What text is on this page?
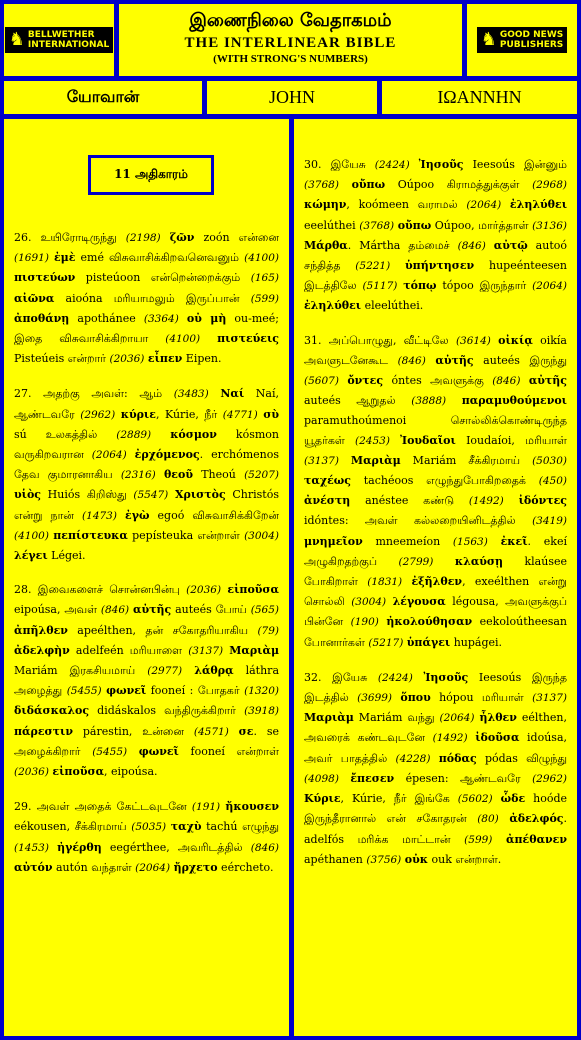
♞ BELLWETHER
INTERNATIONAL
இணைநிலை வேதாகமம்
THE INTERLINEAR BIBLE
(WITH STRONG'S NUMBERS)
♞ GOOD NEWS
PUBLISHERS
யோவான்	JOHN	IΩANNHN

26. உயிரோடிருந்து (2198) ζῶν zoón என்னை (1691) ἐμὲ emé விசுவாசிக்கிறவனெவனும் (4100) πιστεύων pisteúoon என்றென்றைக்கும் (165) αἰῶνα aioóna மரியாமலும் இருப்பான் (599) ἀποθάνῃ apotháneе (3364) οὐ μὴ ou-meé; இதை விசுவாசிக்கிறாயா (4100) πιστεύεις Pisteúeis என்றார் (2036) εἶπεν Eipen.

27. அதற்கு அவள்: ஆம் (3483) Ναί Naí, ஆண்டவரே (2962) κύριε, Kúrie, நீர் (4771) σὺ sú உலகத்தில் (2889) κόσμον kósmon வருகிறவரான (2064) ἐρχόμενος. erchómenos தேவ குமாரனாகிய (2316) θεοῦ Theoú (5207) υἱὸς Huiós கிறிஸ்து (5547) Χριστὸς Christós என்று நான் (1473) ἐγὼ egoó விசுவாசிக்கிறேன் (4100) πεπίστευκα pepísteuka என்றாள் (3004) λέγει Légei.

28. இவைகளைச் சொன்னபின்பு (2036) εἰποῦσα eipoúsa, அவள் (846) αὐτῆς auteés போய் (565) ἀπῆλθεν apeélthen, தன் சகோதரியாகிய (79) ἀδελφὴν adelfeén மரியாளை (3137) Μαριὰμ Mariám இரகசியமாய் (2977) λάθρᾳ láthra அழைத்து (5455) φωνεῖ fooneí : போதகர் (1320) διδάσκαλος didáskalos வந்திருக்கிறார் (3918) πάρεστιν párestin, உன்னை (4571) σε. se அழைக்கிறார் (5455) φωνεῖ fooneí என்றாள் (2036) εἰποῦσα, eipoúsa.

29. அவள் அதைக் கேட்டவுடனே (191) ἤκουσεν eékousen, சீக்கிரமாய் (5035) ταχὺ tachú எழுந்து (1453) ἠγέρθη eegérthee, அவரிடத்தில் (846) αὐτόν autón வந்தாள் (2064) ἤρχετο eércheto.

11 அதிகாரம்

30. இயேசு (2424) Ἰησοῦς Ieesoús இன்னும் (3768) οὔπω Oúpoo கிராமத்துக்குள் (2968) κώμην, koómeen வராமல் (2064) ἐληλύθει eeelúthei (3768) οὔπω Oúpoo, மார்த்தாள் (3136) Μάρθα. Mártha தம்மைச் (846) αὐτῷ autoó சந்தித்த (5221) ὑπήντησεν hupeénteesen இடத்திலே (5117) τόπῳ tópoo இருந்தார் (2064) ἐληλύθει eleelúthei.

31. அப்பொழுது, வீட்டிலே (3614) οἰκίᾳ oikía அவளுடனேகூட (846) αὐτῆς auteés இருந்து (5607) ὄντες óntes அவளுக்கு (846) αὐτῆς auteés ஆறுதல் (3888) παραμυθούμενοι paramuthoúmenoi சொல்லிக்கொண்டிருந்த யூதர்கள் (2453) Ἰουδαῖοι Ioudaíoi, மரியாள் (3137) Μαριὰμ Mariám சீக்கிரமாய் (5030) ταχέως tachéoos எழுந்துபோகிறதைக் (450) ἀνέστη anéstee கண்டு (1492) ἰδόντες idóntes: அவள் கல்லறையினிடத்தில் (3419) μνημεῖον mneemeíon (1563) ἐκεῖ. ekeí அழுகிறதற்குப் (2799) κλαύσῃ klaúsee போகிறாள் (1831) ἐξῆλθεν, exeélthen என்று சொல்லி (3004) λέγουσα légousa, அவளுக்குப் பின்னே (190) ἠκολούθησαν eekoloútheesan போனார்கள் (5217) ὑπάγει hupágei.

32. இயேசு (2424) Ἰησοῦς Ieesoús இருந்த இடத்தில் (3699) ὅπου hópou மரியாள் (3137) Μαριὰμ Mariám வந்து (2064) ἦλθεν eélthen, அவரைக் கண்டவுடனே (1492) ἰδοῦσα idoúsa, அவர் பாதத்தில் (4228) πόδας pódas விழுந்து (4098) ἔπεσεν épesen: ஆண்டவரே (2962) Κύριε, Kúrie, நீர் இங்கே (5602) ὧδε hoóde இருந்தீரானால் என் சகோதரன் (80) ἀδελφός. adelfós மரிக்க மாட்டான் (599) ἀπέθανεν apéthanen (3756) οὐκ ouk என்றாள்.
